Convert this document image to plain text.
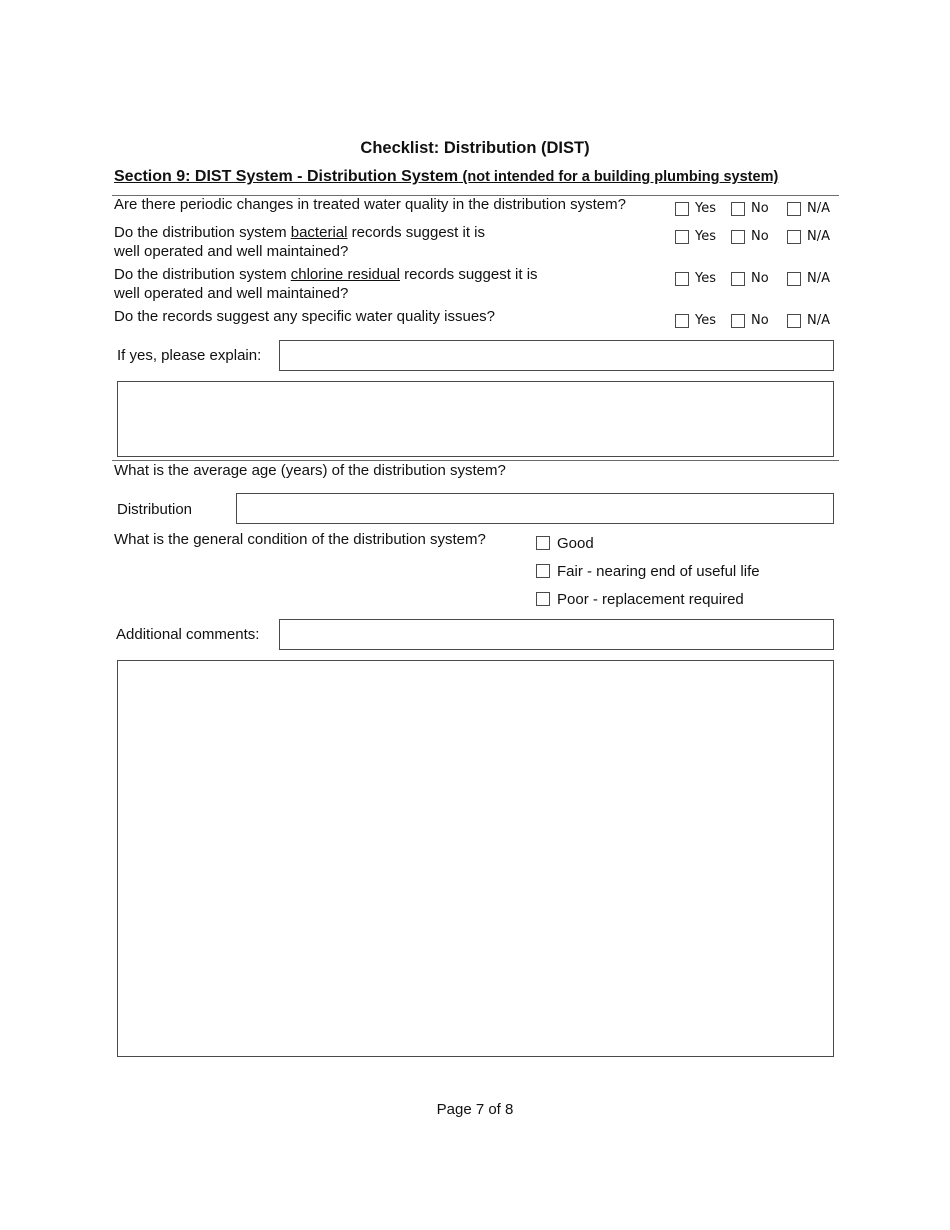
Checklist: Distribution (DIST)
Section 9: DIST System - Distribution System (not intended for a building plumbing system)
Are there periodic changes in treated water quality in the distribution system?	Yes	No	N/A
Do the distribution system bacterial records suggest it is
well operated and well maintained?
Yes	No	N/A
Do the distribution system chlorine residual records suggest it is
well operated and well maintained?
Yes	No	N/A
Do the records suggest any specific water quality issues?	Yes	No	N/A
If yes, please explain:
What is the average age (years) of the distribution system?
Distribution
What is the general condition of the distribution system?	Good
Fair - nearing end of useful life
Poor - replacement required
Additional comments:
Page 7 of 8
